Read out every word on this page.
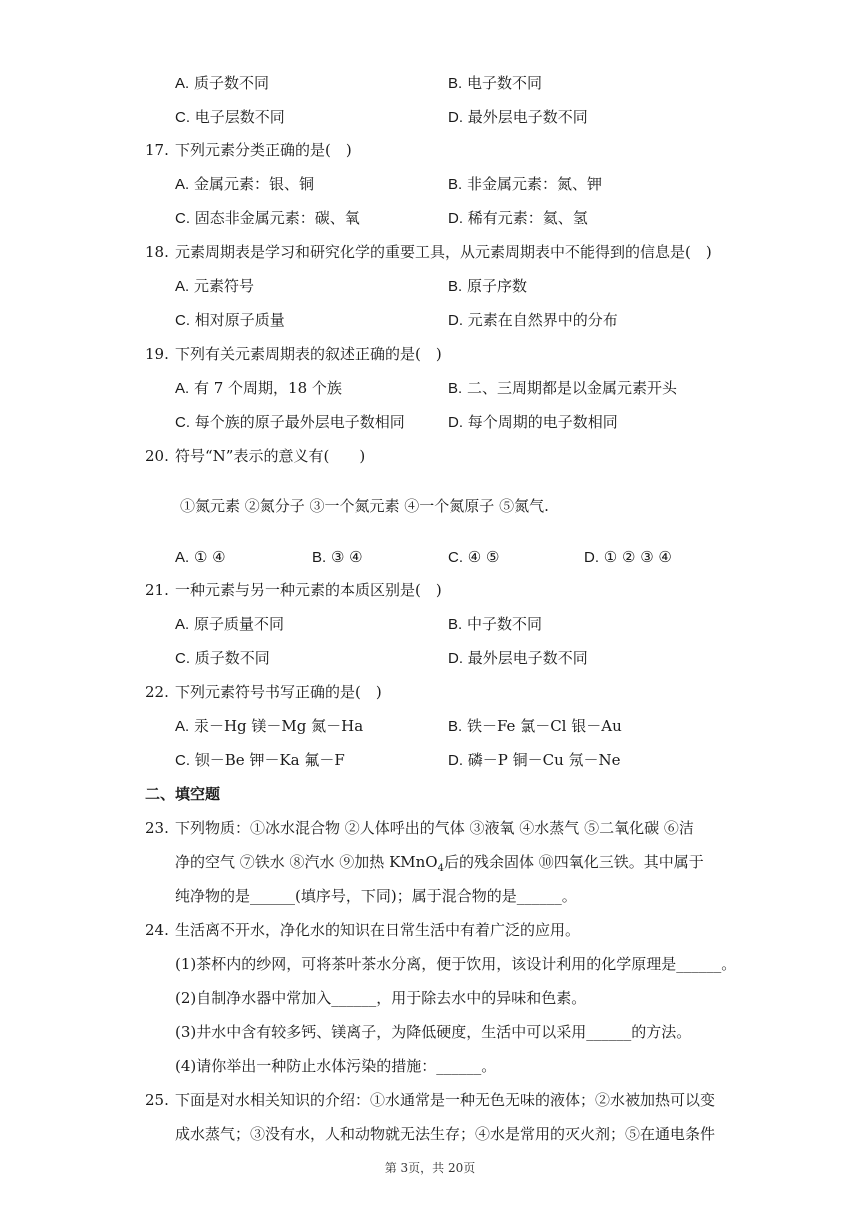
A. 质子数不同	B. 电子数不同
C. 电子层数不同	D. 最外层电子数不同
17. 下列元素分类正确的是(  )
A. 金属元素：银、铜	B. 非金属元素：氮、钾
C. 固态非金属元素：碳、氧	D. 稀有元素：氦、氢
18. 元素周期表是学习和研究化学的重要工具，从元素周期表中不能得到的信息是(  )
A. 元素符号	B. 原子序数
C. 相对原子质量	D. 元素在自然界中的分布
19. 下列有关元素周期表的叙述正确的是(  )
A. 有 7 个周期，18 个族	B. 二、三周期都是以金属元素开头
C. 每个族的原子最外层电子数相同	D. 每个周期的电子数相同
20. 符号“N”表示的意义有(  )
①氮元素 ②氮分子 ③一个氮元素 ④一个氮原子 ⑤氮气.
A. ① ④	B. ③ ④	C. ④ ⑤	D. ① ② ③ ④
21. 一种元素与另一种元素的本质区别是(  )
A. 原子质量不同	B. 中子数不同
C. 质子数不同	D. 最外层电子数不同
22. 下列元素符号书写正确的是(  )
A. 汞－Hg 镁－Mg 氮－Ha	B. 铁－Fe 氯－Cl 银－Au
C. 钡－Be 钾－Ka 氟－F	D. 磷－P 铜－Cu 氖－Ne
二、填空题
23. 下列物质：①冰水混合物 ②人体呼出的气体 ③液氧 ④水蒸气 ⑤二氧化碳 ⑥洁
净的空气 ⑦铁水 ⑧汽水 ⑨加热 KMnO$_4$后的残余固体 ⑩四氧化三铁。其中属于
纯净物的是______(填序号，下同)；属于混合物的是______。
24. 生活离不开水，净化水的知识在日常生活中有着广泛的应用。
(1)茶杯内的纱网，可将茶叶茶水分离，便于饮用，该设计利用的化学原理是______。
(2)自制净水器中常加入______，用于除去水中的异味和色素。
(3)井水中含有较多钙、镁离子，为降低硬度，生活中可以采用______的方法。
(4)请你举出一种防止水体污染的措施：______。
25. 下面是对水相关知识的介绍：①水通常是一种无色无味的液体；②水被加热可以变
成水蒸气；③没有水，人和动物就无法生存；④水是常用的灭火剂；⑤在通电条件
第 3页，共 20页
